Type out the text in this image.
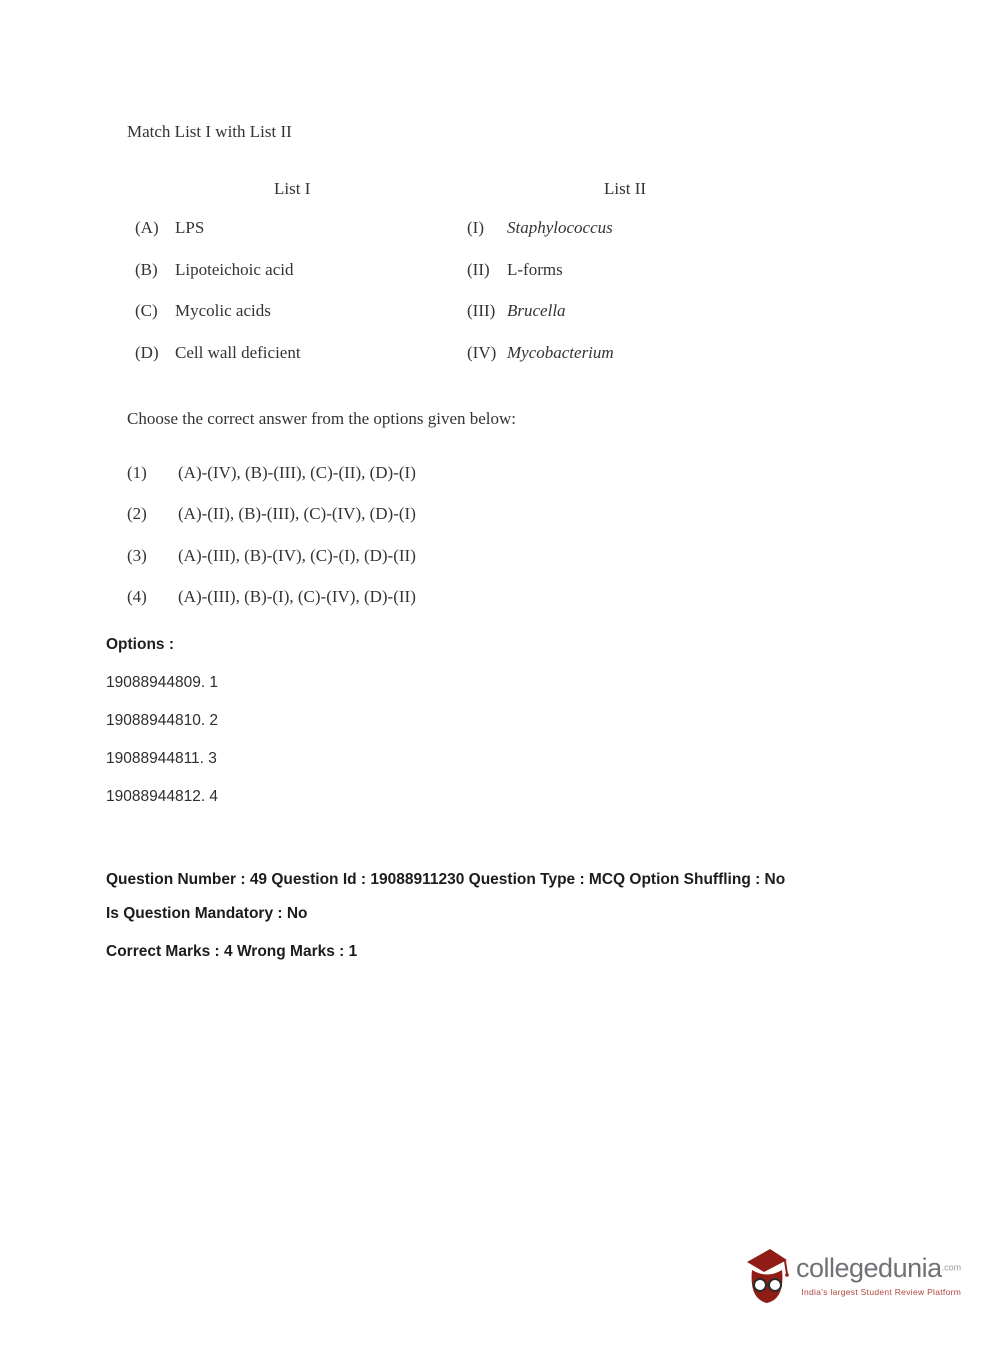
Match List I with List II
List I	List II
(A) LPS	(I)	Staphylococcus
(B)	Lipoteichoic acid	(II)	L-forms
(C)	Mycolic acids	(III) Brucella
(D) Cell wall deficient	(IV) Mycobacterium
Choose the correct answer from the options given below:
(1)	(A)-(IV), (B)-(III), (C)-(II), (D)-(I)
(2)	(A)-(II), (B)-(III), (C)-(IV), (D)-(I)
(3)	(A)-(III), (B)-(IV), (C)-(I), (D)-(II)
(4)	(A)-(III), (B)-(I), (C)-(IV), (D)-(II)
Options :
19088944809. 1
19088944810. 2
19088944811. 3
19088944812. 4
Question Number : 49 Question Id : 19088911230 Question Type : MCQ Option Shuffling : No
Is Question Mandatory : No
Correct Marks : 4 Wrong Marks : 1
collegedunia$^{.com}$
India's largest Student Review Platform
